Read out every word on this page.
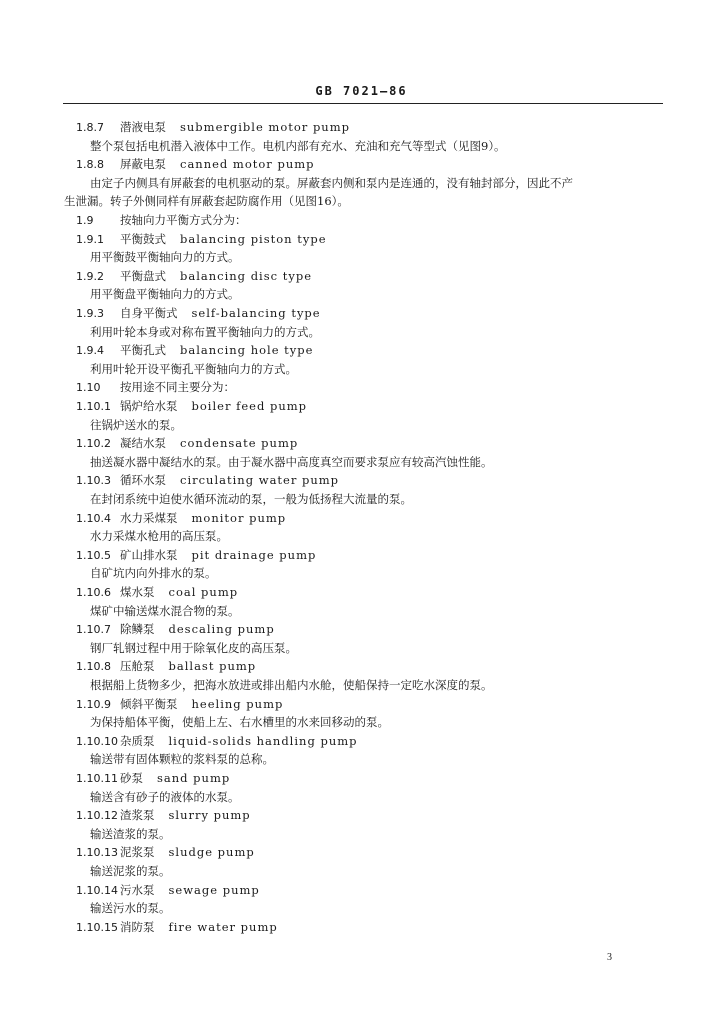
GB 7021—86
1.8.7 潜液电泵 submergible motor pump
整个泵包括电机潜入液体中工作。电机内部有充水、充油和充气等型式（见图9）。
1.8.8 屏蔽电泵 canned motor pump
由定子内侧具有屏蔽套的电机驱动的泵。屏蔽套内侧和泵内是连通的，没有轴封部分，因此不产
生泄漏。转子外侧同样有屏蔽套起防腐作用（见图16）。
1.9 按轴向力平衡方式分为：
1.9.1 平衡鼓式 balancing piston type
用平衡鼓平衡轴向力的方式。
1.9.2 平衡盘式 balancing disc type
用平衡盘平衡轴向力的方式。
1.9.3 自身平衡式 self-balancing type
利用叶轮本身或对称布置平衡轴向力的方式。
1.9.4 平衡孔式 balancing hole type
利用叶轮开设平衡孔平衡轴向力的方式。
1.10 按用途不同主要分为：
1.10.1 锅炉给水泵 boiler feed pump
往锅炉送水的泵。
1.10.2 凝结水泵 condensate pump
抽送凝水器中凝结水的泵。由于凝水器中高度真空而要求泵应有较高汽蚀性能。
1.10.3 循环水泵 circulating water pump
在封闭系统中迫使水循环流动的泵，一般为低扬程大流量的泵。
1.10.4 水力采煤泵 monitor pump
水力采煤水枪用的高压泵。
1.10.5 矿山排水泵 pit drainage pump
自矿坑内向外排水的泵。
1.10.6 煤水泵 coal pump
煤矿中输送煤水混合物的泵。
1.10.7 除鳞泵 descaling pump
钢厂轧钢过程中用于除氧化皮的高压泵。
1.10.8 压舱泵 ballast pump
根据船上货物多少，把海水放进或排出船内水舱，使船保持一定吃水深度的泵。
1.10.9 倾斜平衡泵 heeling pump
为保持船体平衡，使船上左、右水槽里的水来回移动的泵。
1.10.10 杂质泵 liquid-solids handling pump
输送带有固体颗粒的浆料泵的总称。
1.10.11 砂泵 sand pump
输送含有砂子的液体的水泵。
1.10.12 渣浆泵 slurry pump
输送渣浆的泵。
1.10.13 泥浆泵 sludge pump
输送泥浆的泵。
1.10.14 污水泵 sewage pump
输送污水的泵。
1.10.15 消防泵 fire water pump
3
